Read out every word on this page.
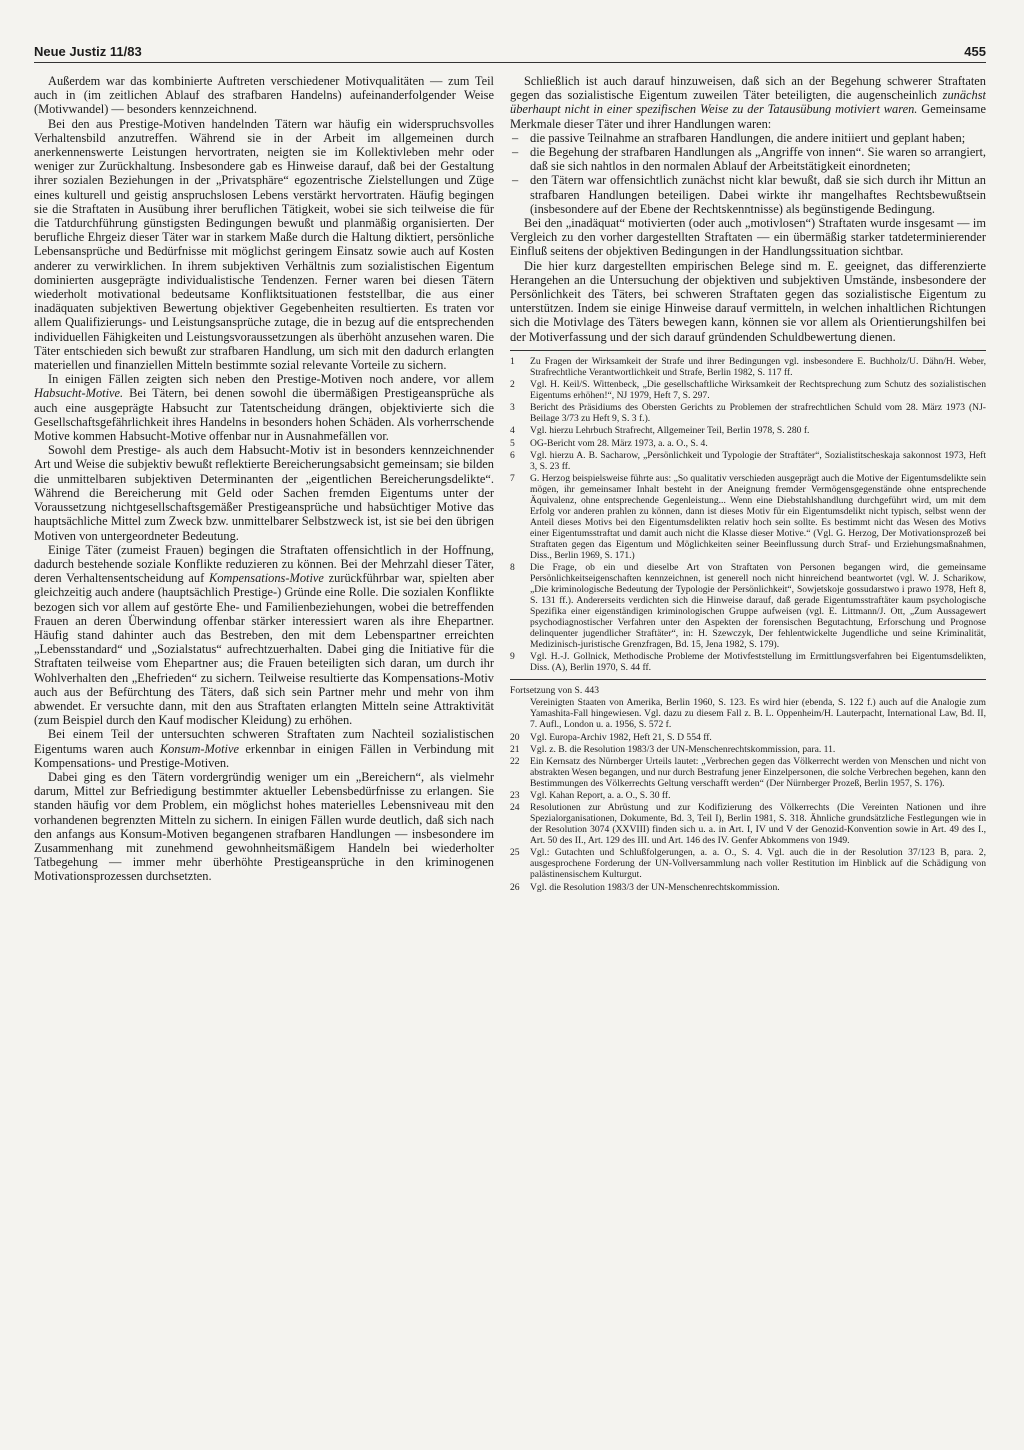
Neue Justiz 11/83	455

Außerdem war das kombinierte Auftreten verschiedener Motivqualitäten — zum Teil auch in (im zeitlichen Ablauf des strafbaren Handelns) aufeinanderfolgender Weise (Motivwandel) — besonders kennzeichnend.

Bei den aus Prestige-Motiven handelnden Tätern war häufig ein widerspruchsvolles Verhaltensbild anzutreffen. Während sie in der Arbeit im allgemeinen durch anerkennenswerte Leistungen hervortraten, neigten sie im Kollektivleben mehr oder weniger zur Zurückhaltung. Insbesondere gab es Hinweise darauf, daß bei der Gestaltung ihrer sozialen Beziehungen in der „Privatsphäre“ egozentrische Zielstellungen und Züge eines kulturell und geistig anspruchslosen Lebens verstärkt hervortraten. Häufig begingen sie die Straftaten in Ausübung ihrer beruflichen Tätigkeit, wobei sie sich teilweise die für die Tatdurchführung günstigsten Bedingungen bewußt und planmäßig organisierten. Der berufliche Ehrgeiz dieser Täter war in starkem Maße durch die Haltung diktiert, persönliche Lebensansprüche und Bedürfnisse mit möglichst geringem Einsatz sowie auch auf Kosten anderer zu verwirklichen. In ihrem subjektiven Verhältnis zum sozialistischen Eigentum dominierten ausgeprägte individualistische Tendenzen. Ferner waren bei diesen Tätern wiederholt motivational bedeutsame Konfliktsituationen feststellbar, die aus einer inadäquaten subjektiven Bewertung objektiver Gegebenheiten resultierten. Es traten vor allem Qualifizierungs- und Leistungsansprüche zutage, die in bezug auf die entsprechenden individuellen Fähigkeiten und Leistungsvoraussetzungen als überhöht anzusehen waren. Die Täter entschieden sich bewußt zur strafbaren Handlung, um sich mit den dadurch erlangten materiellen und finanziellen Mitteln bestimmte sozial relevante Vorteile zu sichern.

In einigen Fällen zeigten sich neben den Prestige-Motiven noch andere, vor allem Habsucht-Motive. Bei Tätern, bei denen sowohl die übermäßigen Prestigeansprüche als auch eine ausgeprägte Habsucht zur Tatentscheidung drängen, objektivierte sich die Gesellschaftsgefährlichkeit ihres Handelns in besonders hohen Schäden. Als vorherrschende Motive kommen Habsucht-Motive offenbar nur in Ausnahmefällen vor.

Sowohl dem Prestige- als auch dem Habsucht-Motiv ist in besonders kennzeichnender Art und Weise die subjektiv bewußt reflektierte Bereicherungsabsicht gemeinsam; sie bilden die unmittelbaren subjektiven Determinanten der „eigentlichen Bereicherungsdelikte“. Während die Bereicherung mit Geld oder Sachen fremden Eigentums unter der Voraussetzung nichtgesellschaftsgemäßer Prestigeansprüche und habsüchtiger Motive das hauptsächliche Mittel zum Zweck bzw. unmittelbarer Selbstzweck ist, ist sie bei den übrigen Motiven von untergeordneter Bedeutung.

Einige Täter (zumeist Frauen) begingen die Straftaten offensichtlich in der Hoffnung, dadurch bestehende soziale Konflikte reduzieren zu können. Bei der Mehrzahl dieser Täter, deren Verhaltensentscheidung auf Kompensations-Motive zurückführbar war, spielten aber gleichzeitig auch andere (hauptsächlich Prestige-) Gründe eine Rolle. Die sozialen Konflikte bezogen sich vor allem auf gestörte Ehe- und Familienbeziehungen, wobei die betreffenden Frauen an deren Überwindung offenbar stärker interessiert waren als ihre Ehepartner. Häufig stand dahinter auch das Bestreben, den mit dem Lebenspartner erreichten „Lebensstandard“ und „Sozialstatus“ aufrechtzuerhalten. Dabei ging die Initiative für die Straftaten teilweise vom Ehepartner aus; die Frauen beteiligten sich daran, um durch ihr Wohlverhalten den „Ehefrieden“ zu sichern. Teilweise resultierte das Kompensations-Motiv auch aus der Befürchtung des Täters, daß sich sein Partner mehr und mehr von ihm abwendet. Er versuchte dann, mit den aus Straftaten erlangten Mitteln seine Attraktivität (zum Beispiel durch den Kauf modischer Kleidung) zu erhöhen.

Bei einem Teil der untersuchten schweren Straftaten zum Nachteil sozialistischen Eigentums waren auch Konsum-Motive erkennbar in einigen Fällen in Verbindung mit Kompensations- und Prestige-Motiven.

Dabei ging es den Tätern vordergründig weniger um ein „Bereichern“, als vielmehr darum, Mittel zur Befriedigung bestimmter aktueller Lebensbedürfnisse zu erlangen. Sie standen häufig vor dem Problem, ein möglichst hohes materielles Lebensniveau mit den vorhandenen begrenzten Mitteln zu sichern. In einigen Fällen wurde deutlich, daß sich nach den anfangs aus Konsum-Motiven begangenen strafbaren Handlungen — insbesondere im Zusammenhang mit zunehmend gewohnheitsmäßigem Handeln bei wiederholter Tatbegehung — immer mehr überhöhte Prestigeansprüche in den kriminogenen Motivationsprozessen durchsetzten.

Schließlich ist auch darauf hinzuweisen, daß sich an der Begehung schwerer Straftaten gegen das sozialistische Eigentum zuweilen Täter beteiligten, die augenscheinlich zunächst überhaupt nicht in einer spezifischen Weise zu der Tatausübung motiviert waren. Gemeinsame Merkmale dieser Täter und ihrer Handlungen waren:

– die passive Teilnahme an strafbaren Handlungen, die andere initiiert und geplant haben;
– die Begehung der strafbaren Handlungen als „Angriffe von innen“. Sie waren so arrangiert, daß sie sich nahtlos in den normalen Ablauf der Arbeitstätigkeit einordneten;
– den Tätern war offensichtlich zunächst nicht klar bewußt, daß sie sich durch ihr Mittun an strafbaren Handlungen beteiligen. Dabei wirkte ihr mangelhaftes Rechtsbewußtsein (insbesondere auf der Ebene der Rechtskenntnisse) als begünstigende Bedingung.

Bei den „inadäquat“ motivierten (oder auch „motivlosen“) Straftaten wurde insgesamt — im Vergleich zu den vorher dargestellten Straftaten — ein übermäßig starker tatdeterminierender Einfluß seitens der objektiven Bedingungen in der Handlungssituation sichtbar.

Die hier kurz dargestellten empirischen Belege sind m. E. geeignet, das differenzierte Herangehen an die Untersuchung der objektiven und subjektiven Umstände, insbesondere der Persönlichkeit des Täters, bei schweren Straftaten gegen das sozialistische Eigentum zu unterstützen. Indem sie einige Hinweise darauf vermitteln, in welchen inhaltlichen Richtungen sich die Motivlage des Täters bewegen kann, können sie vor allem als Orientierungshilfen bei der Motiverfassung und der sich darauf gründenden Schuldbewertung dienen.

1	Zu Fragen der Wirksamkeit der Strafe und ihrer Bedingungen vgl. insbesondere E. Buchholz/U. Dähn/H. Weber, Strafrechtliche Verantwortlichkeit und Strafe, Berlin 1982, S. 117 ff.
2	Vgl. H. Keil/S. Wittenbeck, „Die gesellschaftliche Wirksamkeit der Rechtsprechung zum Schutz des sozialistischen Eigentums erhöhen!“, NJ 1979, Heft 7, S. 297.
3	Bericht des Präsidiums des Obersten Gerichts zu Problemen der strafrechtlichen Schuld vom 28. März 1973 (NJ-Beilage 3/73 zu Heft 9, S. 3 f.).
4	Vgl. hierzu Lehrbuch Strafrecht, Allgemeiner Teil, Berlin 1978, S. 280 f.
5	OG-Bericht vom 28. März 1973, a. a. O., S. 4.
6	Vgl. hierzu A. B. Sacharow, „Persönlichkeit und Typologie der Straftäter“, Sozialistitscheskaja sakonnost 1973, Heft 3, S. 23 ff.
7	G. Herzog beispielsweise führte aus: „So qualitativ verschieden ausgeprägt auch die Motive der Eigentumsdelikte sein mögen, ihr gemeinsamer Inhalt besteht in der Aneignung fremder Vermögensgegenstände ohne entsprechende Äquivalenz, ohne entsprechende Gegenleistung... Wenn eine Diebstahlshandlung durchgeführt wird, um mit dem Erfolg vor anderen prahlen zu können, dann ist dieses Motiv für ein Eigentumsdelikt nicht typisch, selbst wenn der Anteil dieses Motivs bei den Eigentumsdelikten relativ hoch sein sollte. Es bestimmt nicht das Wesen des Motivs einer Eigentumsstraftat und damit auch nicht die Klasse dieser Motive.“ (Vgl. G. Herzog, Der Motivationsprozeß bei Straftaten gegen das Eigentum und Möglichkeiten seiner Beeinflussung durch Straf- und Erziehungsmaßnahmen, Diss., Berlin 1969, S. 171.)
8	Die Frage, ob ein und dieselbe Art von Straftaten von Personen begangen wird, die gemeinsame Persönlichkeitseigenschaften kennzeichnen, ist generell noch nicht hinreichend beantwortet (vgl. W. J. Scharikow, „Die kriminologische Bedeutung der Typologie der Persönlichkeit“, Sowjetskoje gossudarstwo i prawo 1978, Heft 8, S. 131 ff.). Andererseits verdichten sich die Hinweise darauf, daß gerade Eigentumsstraftäter kaum psychologische Spezifika einer eigenständigen kriminologischen Gruppe aufweisen (vgl. E. Littmann/J. Ott, „Zum Aussagewert psychodiagnostischer Verfahren unter den Aspekten der forensischen Begutachtung, Erforschung und Prognose delinquenter jugendlicher Straftäter“, in: H. Szewczyk, Der fehlentwickelte Jugendliche und seine Kriminalität, Medizinisch-juristische Grenzfragen, Bd. 15, Jena 1982, S. 179).
9	Vgl. H.-J. Gollnick, Methodische Probleme der Motivfeststellung im Ermittlungsverfahren bei Eigentumsdelikten, Diss. (A), Berlin 1970, S. 44 ff.
Fortsetzung von S. 443
Vereinigten Staaten von Amerika, Berlin 1960, S. 123. Es wird hier (ebenda, S. 122 f.) auch auf die Analogie zum Yamashita-Fall hingewiesen. Vgl. dazu zu diesem Fall z. B. L. Oppenheim/H. Lauterpacht, International Law, Bd. II, 7. Aufl., London u. a. 1956, S. 572 f.
20	Vgl. Europa-Archiv 1982, Heft 21, S. D 554 ff.
21	Vgl. z. B. die Resolution 1983/3 der UN-Menschenrechtskommission, para. 11.
22	Ein Kernsatz des Nürnberger Urteils lautet: „Verbrechen gegen das Völkerrecht werden von Menschen und nicht von abstrakten Wesen begangen, und nur durch Bestrafung jener Einzelpersonen, die solche Verbrechen begehen, kann den Bestimmungen des Völkerrechts Geltung verschafft werden“ (Der Nürnberger Prozeß, Berlin 1957, S. 176).
23	Vgl. Kahan Report, a. a. O., S. 30 ff.
24	Resolutionen zur Abrüstung und zur Kodifizierung des Völkerrechts (Die Vereinten Nationen und ihre Spezialorganisationen, Dokumente, Bd. 3, Teil I), Berlin 1981, S. 318. Ähnliche grundsätzliche Festlegungen wie in der Resolution 3074 (XXVIII) finden sich u. a. in Art. I, IV und V der Genozid-Konvention sowie in Art. 49 des I., Art. 50 des II., Art. 129 des III. und Art. 146 des IV. Genfer Abkommens von 1949.
25	Vgl.: Gutachten und Schlußfolgerungen, a. a. O., S. 4. Vgl. auch die in der Resolution 37/123 B, para. 2, ausgesprochene Forderung der UN-Vollversammlung nach voller Restitution im Hinblick auf die Schädigung von palästinensischem Kulturgut.
26	Vgl. die Resolution 1983/3 der UN-Menschenrechtskommission.
